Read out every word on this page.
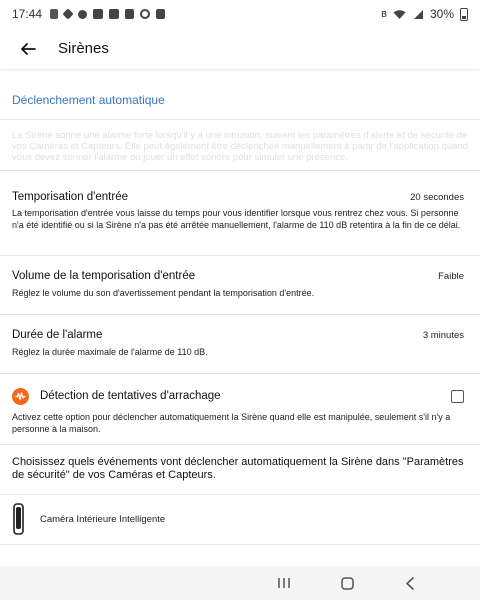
17:44	ʙ	30%
Sirènes
Déclenchement automatique
La Sirène sonne une alarme forte lorsqu'il y a une intrusion, suivant les paramètres d'alerte et de sécurité de vos Caméras et Capteurs. Elle peut également être déclenchée manuellement à partir de l'application quand vous devez sonner l'alarme ou jouer un effet sonore pour simuler une présence.
Temporisation d'entrée	20 secondes
La temporisation d'entrée vous laisse du temps pour vous identifier lorsque vous rentrez chez vous. Si personne n'a été identifié ou si la Sirène n'a pas été arrêtée manuellement, l'alarme de 110 dB retentira à la fin de ce délai.
Volume de la temporisation d'entrée	Faible
Réglez le volume du son d'avertissement pendant la temporisation d'entrée.
Durée de l'alarme	3 minutes
Réglez la durée maximale de l'alarme de 110 dB.
Détection de tentatives d'arrachage
Activez cette option pour déclencher automatiquement la Sirène quand elle est manipulée, seulement s'il n'y a personne à la maison.
Choisissez quels événements vont déclencher automatiquement la Sirène dans "Paramètres de sécurité" de vos Caméras et Capteurs.
Caméra Intérieure Intelligente
